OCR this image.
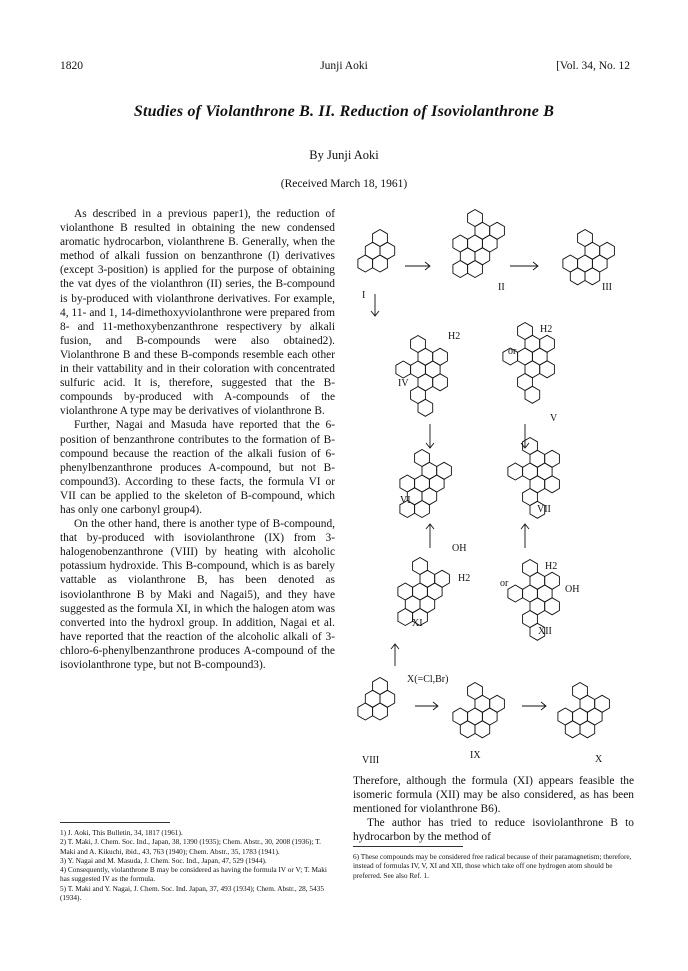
1820	Junji Aoki	[Vol. 34, No. 12
Studies of Violanthrone B. II. Reduction of Isoviolanthrone B
By Junji Aoki
(Received March 18, 1961)

As described in a previous paper1), the reduction of violanthone B resulted in obtaining the new condensed aromatic hydrocarbon, violanthrene B. Generally, when the method of alkali fussion on benzanthrone (I) derivatives (except 3-position) is applied for the purpose of obtaining the vat dyes of the violanthron (II) series, the B-compound is by-produced with violanthrone derivatives. For example, 4, 11- and 1, 14-dimethoxyviolanthrone were prepared from 8- and 11-methoxybenzanthrone respectivery by alkali fusion, and B-compounds were also obtained2). Violanthrone B and these B-componds resemble each other in their vattability and in their coloration with concentrated sulfuric acid. It is, therefore, suggested that the B-compounds by-produced with A-compounds of the violanthrone A type may be derivatives of violanthrone B.

Further, Nagai and Masuda have reported that the 6-position of benzanthrone contributes to the formation of B-compound because the reaction of the alkali fusion of 6-phenylbenzanthrone produces A-compound, but not B-compound3). According to these facts, the formula VI or VII can be applied to the skeleton of B-compound, which has only one carbonyl group4).

On the other hand, there is another type of B-compound, that by-produced with isoviolanthrone (IX) from 3-halogenobenzanthrone (VIII) by heating with alcoholic potassium hydroxide. This B-compound, which is as barely vattable as violanthrone B, has been denoted as isoviolanthrone B by Maki and Nagai5), and they have suggested as the formula XI, in which the halogen atom was converted into the hydroxl group. In addition, Nagai et al. have reported that the reaction of the alcoholic alkali of 3-chloro-6-phenylbenzanthrone produces A-compound of the isoviolanthrone type, but not B-compound3).

1) J. Aoki, This Bulletin, 34, 1817 (1961).

2) T. Maki, J. Chem. Soc. Ind., Japan, 38, 1390 (1935); Chem. Abstr., 30, 2008 (1936); T. Maki and A. Kikuchi, ibid., 43, 763 (1940); Chem. Abstr., 35, 1783 (1941).

3) Y. Nagai and M. Masuda, J. Chem. Soc. Ind., Japan, 47, 529 (1944).

4) Consequently, violanthrone B may be considered as having the formula IV or V; T. Maki has suggested IV as the formula.

5) T. Maki and Y. Nagai, J. Chem. Soc. Ind. Japan, 37, 493 (1934); Chem. Abstr., 28, 5435 (1934).

Therefore, although the formula (XI) appears feasible the isomeric formula (XII) may be also considered, as has been mentioned for violanthrone B6).

The author has tried to reduce isoviolanthrone B to hydrocarbon by the method of

6) These compounds may be considered free radical because of their paramagnetism; therefore, instead of formulas IV, V, XI and XII, those which take off one hydrogen atom should be preferred. See also Ref. 1.

I
II	III
IV
V
VI
VII
XI
XII
VIII	IX	X
or
or
H2
H2
H2
H2
OH
OH
X(=Cl,Br)
